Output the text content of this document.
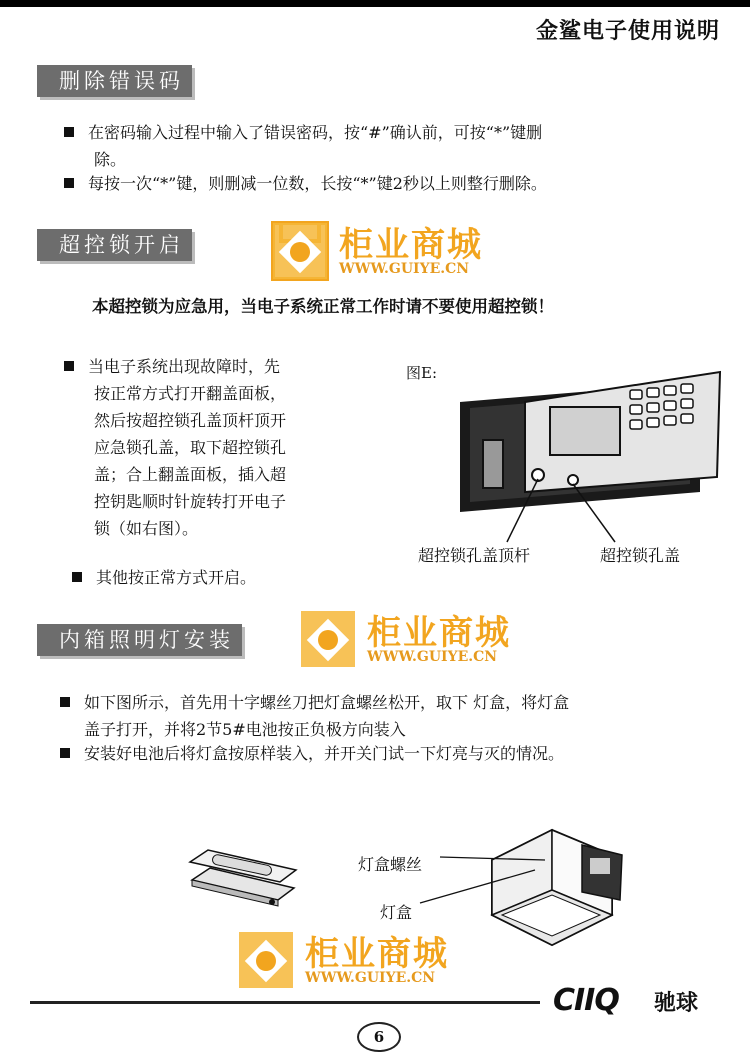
金鲨电子使用说明
删除错误码
在密码输入过程中输入了错误密码，按“#”确认前，可按“*”键删
除。
每按一次“*”键，则删减一位数，长按“*”键2秒以上则整行删除。
超控锁开启	柜业商城
WWW.GUIYE.CN
本超控锁为应急用，当电子系统正常工作时请不要使用超控锁！
当电子系统出现故障时，先
按正常方式打开翻盖面板，
然后按超控锁孔盖顶杆顶开
应急锁孔盖，取下超控锁孔
盖；合上翻盖面板，插入超
控钥匙顺时针旋转打开电子
锁（如右图）。
其他按正常方式开启。
图E:
超控锁孔盖顶杆	超控锁孔盖
内箱照明灯安装	柜业商城
WWW.GUIYE.CN
如下图所示，首先用十字螺丝刀把灯盒螺丝松开，取下 灯盒，将灯盒
盖子打开，并将2节5#电池按正负极方向装入
安装好电池后将灯盒按原样装入，并开关门试一下灯亮与灭的情况。
灯盒螺丝
灯盒
柜业商城
WWW.GUIYE.CN
CIIQ 驰球
6
